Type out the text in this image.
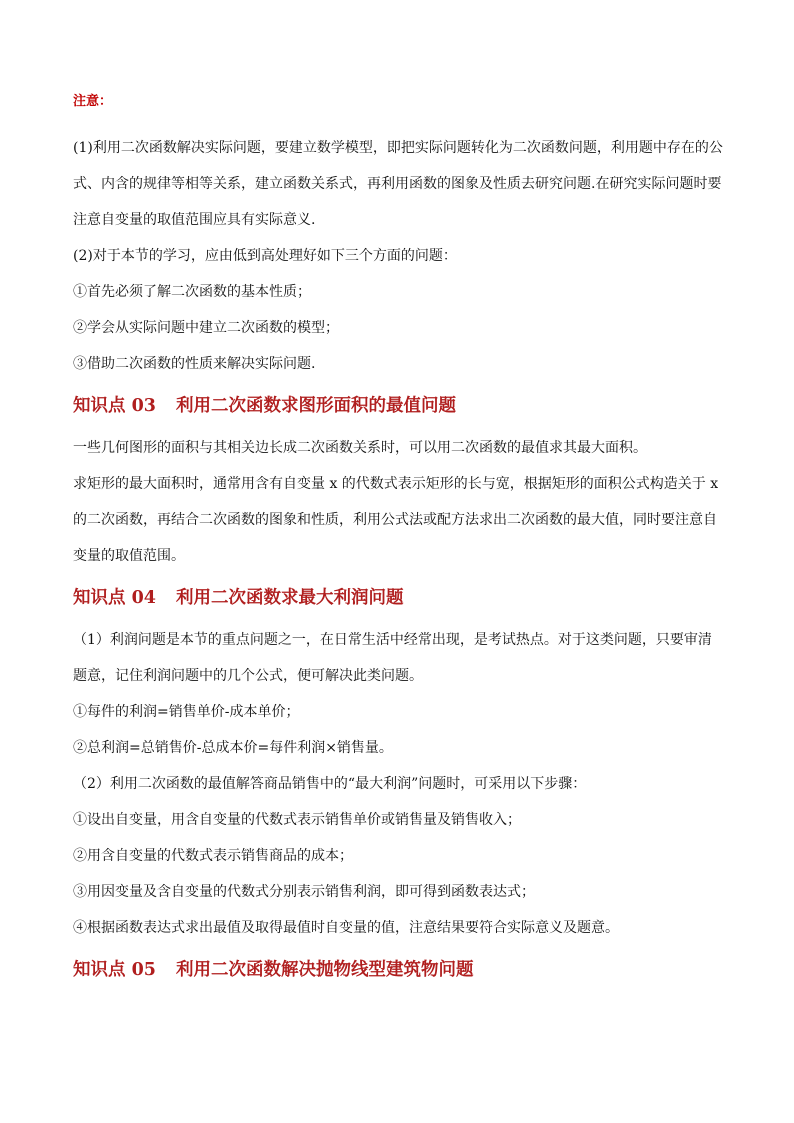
注意：

(1)利用二次函数解决实际问题，要建立数学模型，即把实际问题转化为二次函数问题，利用题中存在的公式、内含的规律等相等关系，建立函数关系式，再利用函数的图象及性质去研究问题.在研究实际问题时要注意自变量的取值范围应具有实际意义.

(2)对于本节的学习，应由低到高处理好如下三个方面的问题：

①首先必须了解二次函数的基本性质；

②学会从实际问题中建立二次函数的模型；

③借助二次函数的性质来解决实际问题.

知识点 03 利用二次函数求图形面积的最值问题

一些几何图形的面积与其相关边长成二次函数关系时，可以用二次函数的最值求其最大面积。

求矩形的最大面积时，通常用含有自变量 x 的代数式表示矩形的长与宽，根据矩形的面积公式构造关于 x 的二次函数，再结合二次函数的图象和性质，利用公式法或配方法求出二次函数的最大值，同时要注意自变量的取值范围。

知识点 04 利用二次函数求最大利润问题

（1）利润问题是本节的重点问题之一，在日常生活中经常出现，是考试热点。对于这类问题，只要审清题意，记住利润问题中的几个公式，便可解决此类问题。

①每件的利润=销售单价-成本单价；

②总利润=总销售价-总成本价=每件利润×销售量。

（2）利用二次函数的最值解答商品销售中的“最大利润”问题时，可采用以下步骤：

①设出自变量，用含自变量的代数式表示销售单价或销售量及销售收入；

②用含自变量的代数式表示销售商品的成本；

③用因变量及含自变量的代数式分别表示销售利润，即可得到函数表达式；

④根据函数表达式求出最值及取得最值时自变量的值，注意结果要符合实际意义及题意。

知识点 05 利用二次函数解决抛物线型建筑物问题
